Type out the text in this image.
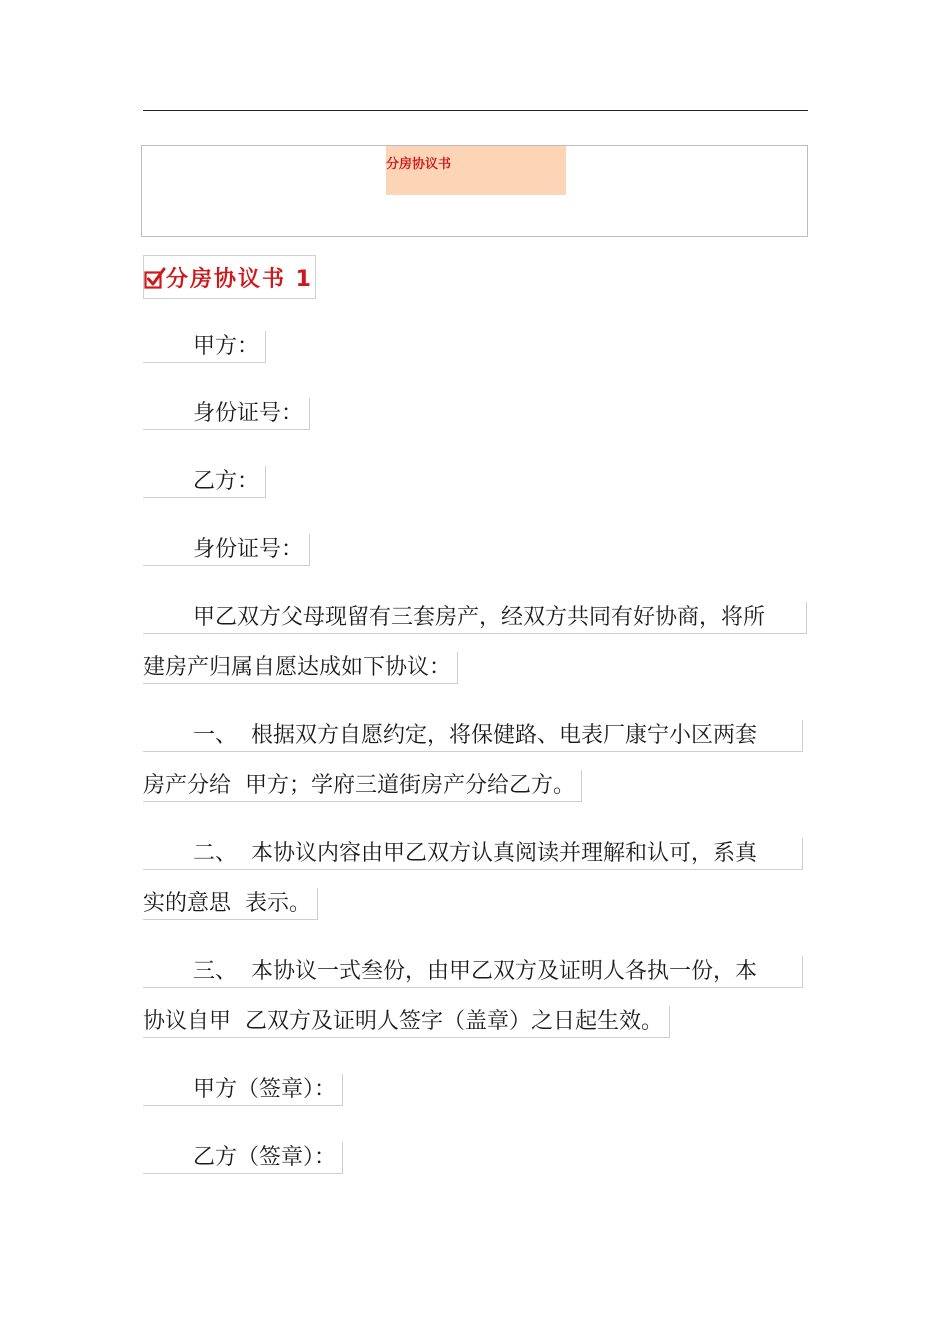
分房协议书
分房协议书 1
甲方：
身份证号：
乙方：
身份证号：
甲乙双方父母现留有三套房产，经双方共同有好协商，将所
建房产归属自愿达成如下协议：
一、 根据双方自愿约定，将保健路、电表厂康宁小区两套
房产分给 甲方；学府三道街房产分给乙方。
二、 本协议内容由甲乙双方认真阅读并理解和认可，系真
实的意思 表示。
三、 本协议一式叁份，由甲乙双方及证明人各执一份，本
协议自甲 乙双方及证明人签字（盖章）之日起生效。
甲方（签章）：
乙方（签章）：
